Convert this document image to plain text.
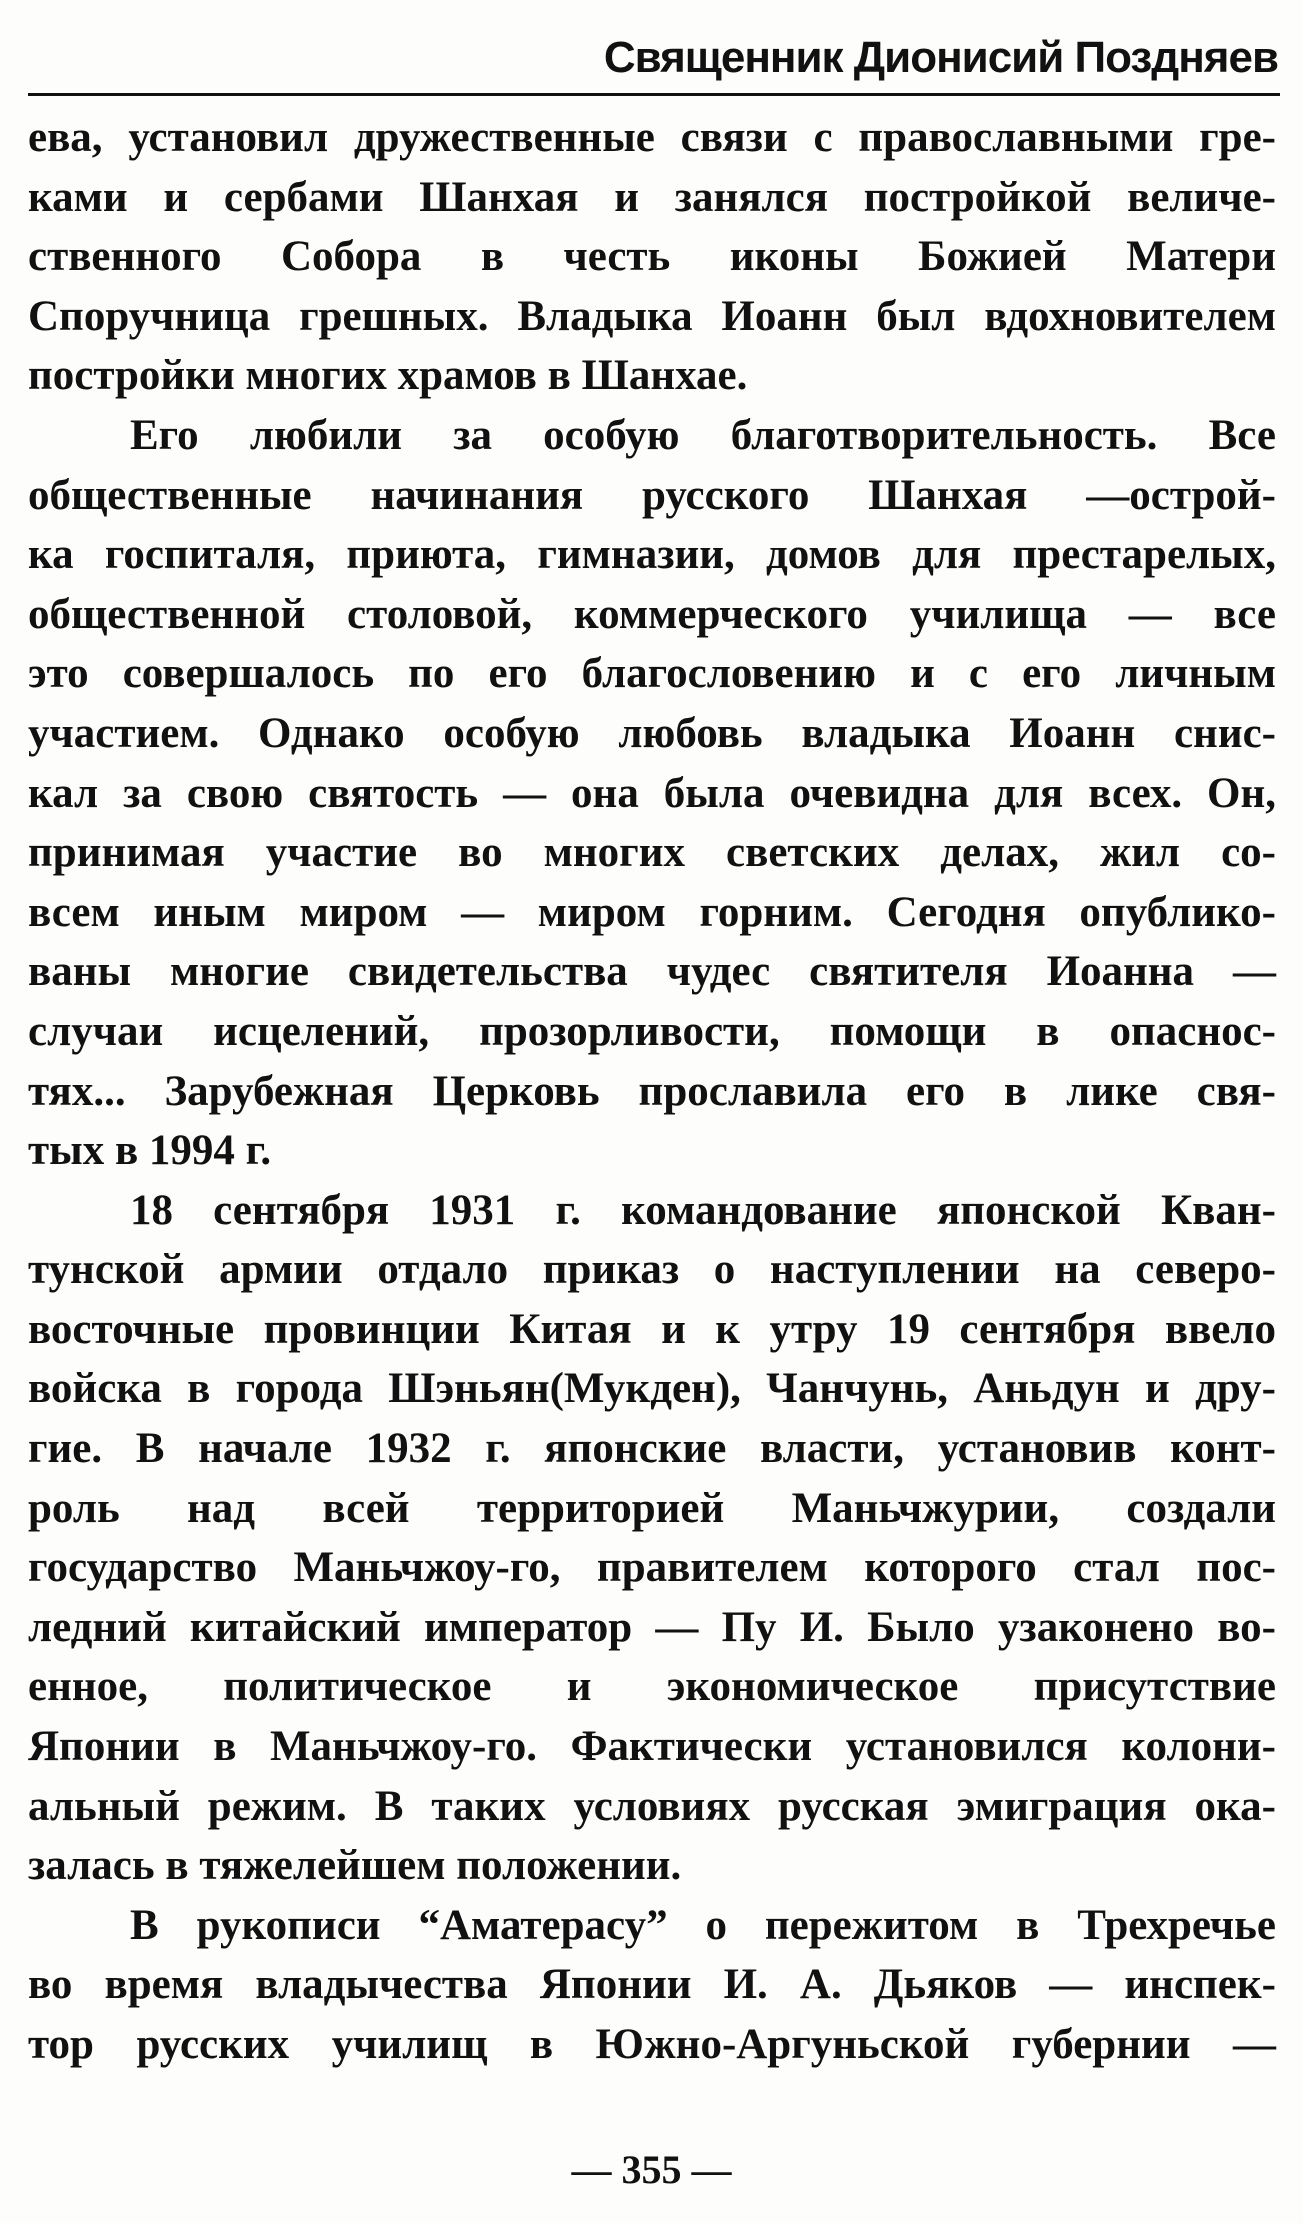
Священник Дионисий Поздняев
ева, установил дружественные связи с православными гре-
ками и сербами Шанхая и занялся постройкой величе-
ственного Собора в честь иконы Божией Матери
Споручница грешных. Владыка Иоанн был вдохновителем
постройки многих храмов в Шанхае.
Его любили за особую благотворительность. Все
общественные начинания русского Шанхая —острой-
ка госпиталя, приюта, гимназии, домов для престарелых,
общественной столовой, коммерческого училища — все
это совершалось по его благословению и с его личным
участием. Однако особую любовь владыка Иоанн снис-
кал за свою святость — она была очевидна для всех. Он,
принимая участие во многих светских делах, жил со-
всем иным миром — миром горним. Сегодня опублико-
ваны многие свидетельства чудес святителя Иоанна —
случаи исцелений, прозорливости, помощи в опаснос-
тях... Зарубежная Церковь прославила его в лике свя-
тых в 1994 г.
18 сентября 1931 г. командование японской Кван-
тунской армии отдало приказ о наступлении на северо-
восточные провинции Китая и к утру 19 сентября ввело
войска в города Шэньян(Мукден), Чанчунь, Аньдун и дру-
гие. В начале 1932 г. японские власти, установив конт-
роль над всей территорией Маньчжурии, создали
государство Маньчжоу-го, правителем которого стал пос-
ледний китайский император — Пу И. Было узаконено во-
енное, политическое и экономическое присутствие
Японии в Маньчжоу-го. Фактически установился колони-
альный режим. В таких условиях русская эмиграция ока-
залась в тяжелейшем положении.
В рукописи “Аматерасу” о пережитом в Трехречье
во время владычества Японии И. А. Дьяков — инспек-
тор русских училищ в Южно-Аргуньской губернии —
— 355 —
